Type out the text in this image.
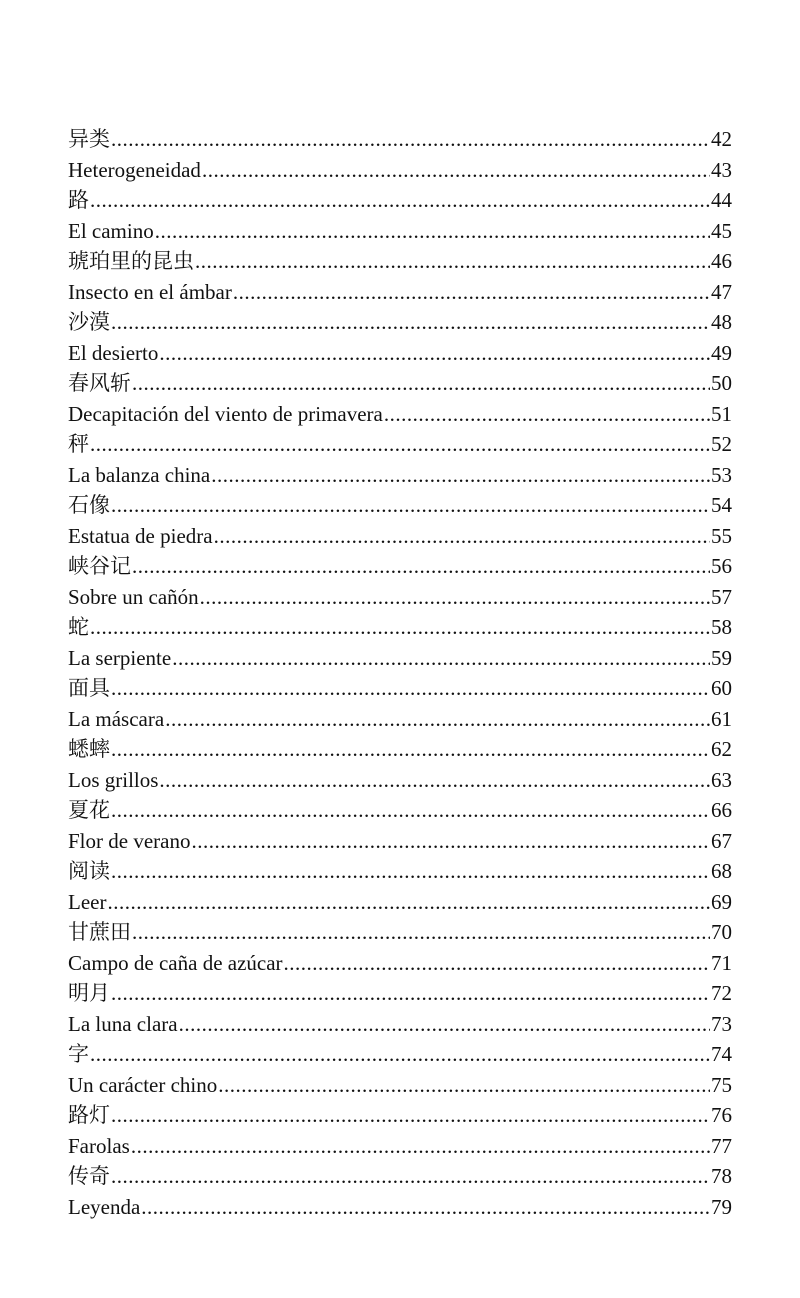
异类 .....	42
Heterogeneidad .....	43
路 .....	44
El camino .....	45
琥珀里的昆虫 .....	46
Insecto en el ámbar .....	47
沙漠 .....	48
El desierto .....	49
春风斩 .....	50
Decapitación del viento de primavera .....	51
秤 .....	52
La balanza china .....	53
石像 .....	54
Estatua de piedra .....	55
峡谷记 .....	56
Sobre un cañón .....	57
蛇 .....	58
La serpiente .....	59
面具 .....	60
La máscara .....	61
蟋蟀 .....	62
Los grillos .....	63
夏花 .....	66
Flor de verano .....	67
阅读 .....	68
Leer .....	69
甘蔗田 .....	70
Campo de caña de azúcar .....	71
明月 .....	72
La luna clara .....	73
字 .....	74
Un carácter chino .....	75
路灯 .....	76
Farolas .....	77
传奇 .....	78
Leyenda .....	79
